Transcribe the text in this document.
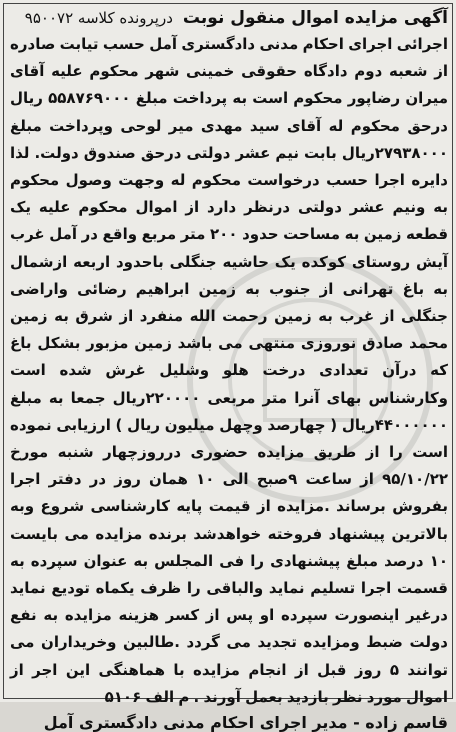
آگهی مزایده اموال منقول نوبت
درپرونده کلاسه ۹۵۰۰۷۲
اجرائی اجرای احکام مدنی دادگستری آمل حسب تیابت صادره از شعبه دوم دادگاه حقوقی خمینی شهر محکوم علیه آقای میران رضاپور محکوم است به پرداخت مبلغ ۵۵۸۷۶۹۰۰۰ ریال درحق محکوم له آقای سید مهدی میر لوحی وپرداخت مبلغ ۲۷۹۳۸۰۰۰ریال بابت نیم عشر دولتی درحق صندوق دولت. لذا دایره اجرا حسب درخواست محکوم له وجهت وصول محکوم به ونیم عشر دولتی درنظر دارد از اموال محکوم علیه یک قطعه زمین به مساحت حدود ۲۰۰ متر مربع واقع در آمل غرب آیش روستای کوکده یک حاشیه جنگلی باحدود اربعه ازشمال به باغ تهرانی از جنوب به زمین ابراهیم رضائی واراضی جنگلی از غرب به زمین رحمت الله منفرد از شرق به زمین محمد صادق نوروزی منتهی می باشد زمین مزبور بشکل باغ که درآن تعدادی درخت هلو وشلیل غرش شده است وکارشناس بهای آنرا متر مربعی ۲۲۰۰۰۰ریال جمعا به مبلغ ۴۴۰۰۰۰۰۰ریال ( چهارصد وچهل میلیون ریال ) ارزیابی نموده است را از طریق مزایده حضوری درروزچهار شنبه مورخ ۹۵/۱۰/۲۲ از ساعت ۹صبح الی ۱۰ همان روز در دفتر اجرا بفروش برساند .مزایده از قیمت پایه کارشناسی شروع وبه بالاترین پیشنهاد فروخته خواهدشد برنده مزایده می بایست ۱۰ درصد مبلغ پیشنهادی را فی المجلس به عنوان سپرده به قسمت اجرا تسلیم نماید والباقی را ظرف یکماه توديع نماید درغیر اینصورت سپرده او پس از کسر هزینه مزایده به نفع دولت ضبط ومزایده تجدید می گردد .طالبین وخریداران می توانند ۵ روز قبل از انجام مزایده با هماهنگی این اجر از اموال مورد نظر بازدید بعمل آورند . م الف ۵۱۰۶
قاسم زاده - مدیر اجرای احکام مدنی دادگستری آمل
